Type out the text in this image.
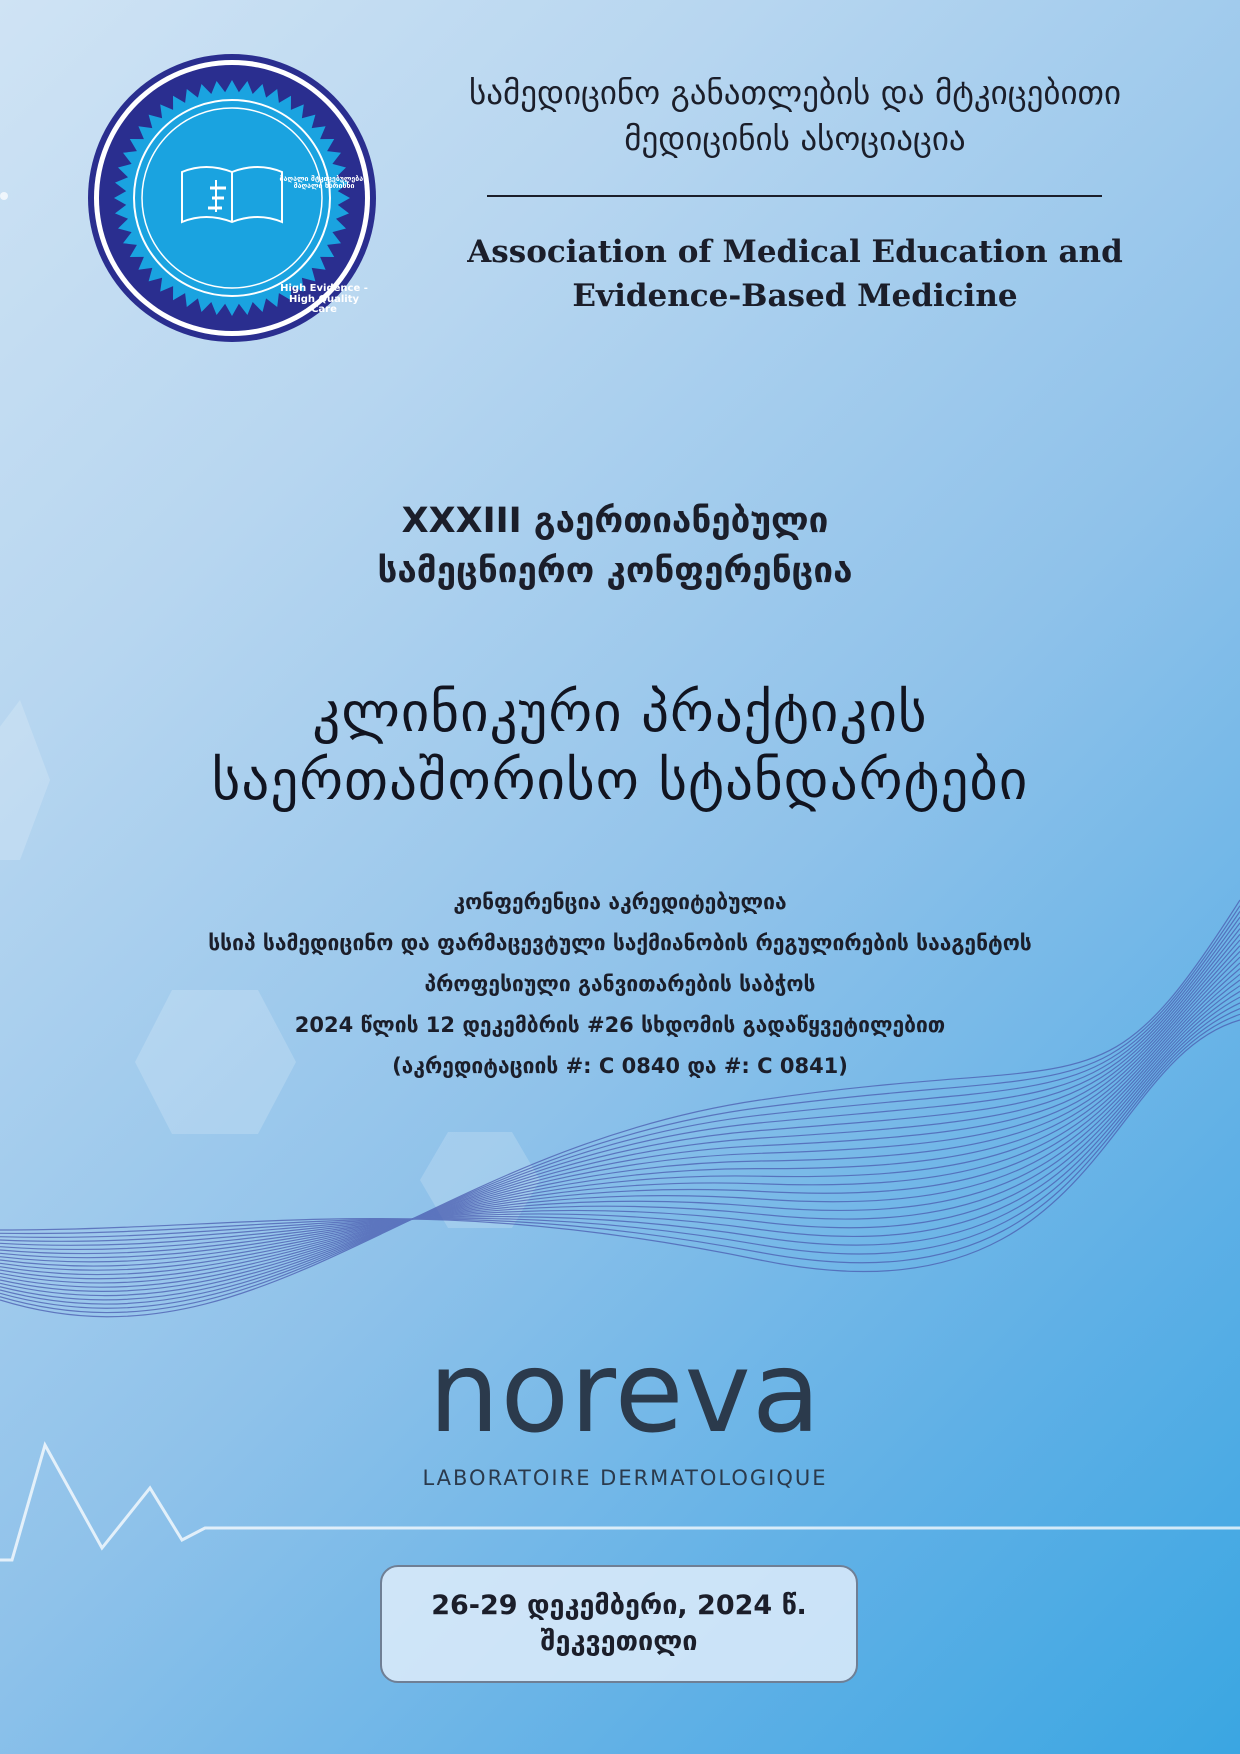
მაღალი მტკიცებულება - მაღალი ხარისხი
High Evidence - High Quality Care
სამედიცინო განათლების და მტკიცებითი
მედიცინის ასოციაცია
Association of Medical Education and
Evidence-Based Medicine
XXXIII გაერთიანებული
სამეცნიერო კონფერენცია
კლინიკური პრაქტიკის
საერთაშორისო სტანდარტები
კონფერენცია აკრედიტებულია
სსიპ სამედიცინო და ფარმაცევტული საქმიანობის რეგულირების სააგენტოს
პროფესიული განვითარების საბჭოს
2024 წლის 12 დეკემბრის #26 სხდომის გადაწყვეტილებით
(აკრედიტაციის #: C 0840 და #: C 0841)
noreva
LABORATOIRE DERMATOLOGIQUE
26-29 დეკემბერი, 2024 წ.
შეკვეთილი
